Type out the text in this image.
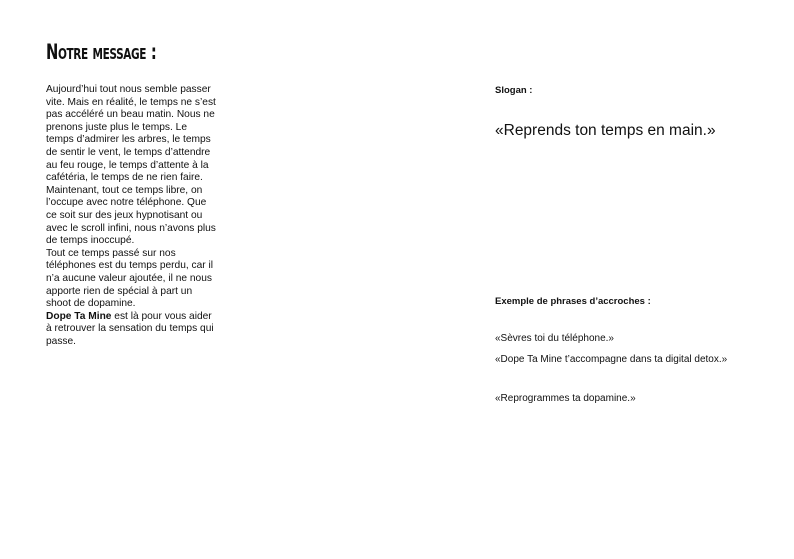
Notre message :

Aujourd’hui tout nous semble passer vite. Mais en réalité, le temps ne s’est pas accéléré un beau matin. Nous ne prenons juste plus le temps. Le temps d’admirer les arbres, le temps de sentir le vent, le temps d’attendre au feu rouge, le temps d’attente à la cafétéria, le temps de ne rien faire. Maintenant, tout ce temps libre, on l’occupe avec notre téléphone. Que ce soit sur des jeux hypnotisant ou avec le scroll infini, nous n’avons plus de temps inoccupé.

Tout ce temps passé sur nos téléphones est du temps perdu, car il n’a aucune valeur ajoutée, il ne nous apporte rien de spécial à part un shoot de dopamine.

Dope Ta Mine est là pour vous aider à retrouver la sensation du temps qui passe.

Slogan :
«Reprends ton temps en main.»
Exemple de phrases d’accroches :
«Sèvres toi du téléphone.»
«Dope Ta Mine t’accompagne dans ta digital detox.»
«Reprogrammes ta dopamine.»
